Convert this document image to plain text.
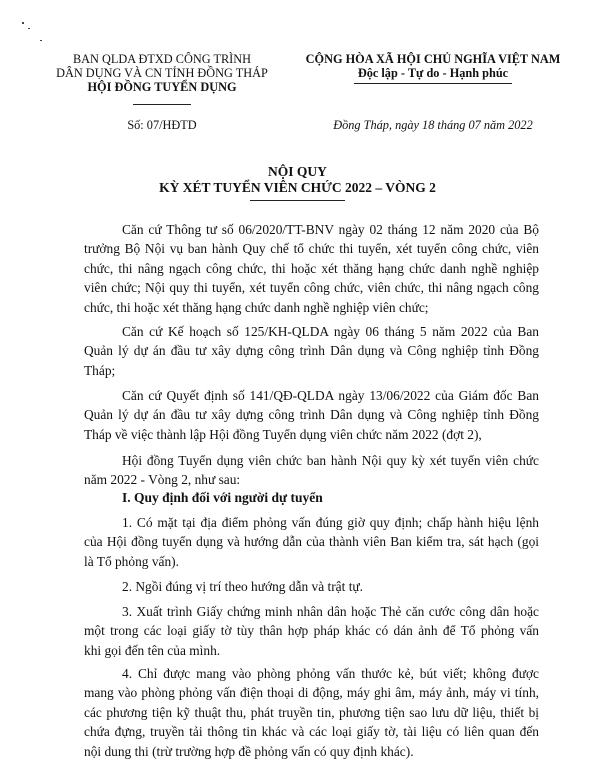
BAN QLDA ĐTXD CÔNG TRÌNH
DÂN DỤNG VÀ CN TỈNH ĐỒNG THÁP
HỘI ĐỒNG TUYỂN DỤNG
Số: 07/HĐTD
CỘNG HÒA XÃ HỘI CHỦ NGHĨA VIỆT NAM
Độc lập - Tự do - Hạnh phúc
Đồng Tháp, ngày 18 tháng 07 năm 2022
NỘI QUY
KỲ XÉT TUYỂN VIÊN CHỨC 2022 – VÒNG 2
Căn cứ Thông tư số 06/2020/TT-BNV ngày 02 tháng 12 năm 2020 của Bộ
trưởng Bộ Nội vụ ban hành Quy chế tổ chức thi tuyển, xét tuyển công chức, viên
chức, thi nâng ngạch công chức, thi hoặc xét thăng hạng chức danh nghề nghiệp
viên chức; Nội quy thi tuyển, xét tuyển công chức, viên chức, thi nâng ngạch công
chức, thi hoặc xét thăng hạng chức danh nghề nghiệp viên chức;
Căn cứ Kế hoạch số 125/KH-QLDA ngày 06 tháng 5 năm 2022 của Ban
Quản lý dự án đầu tư xây dựng công trình Dân dụng và Công nghiệp tỉnh Đồng
Tháp;
Căn cứ Quyết định số 141/QĐ-QLDA ngày 13/06/2022 của Giám đốc Ban
Quản lý dự án đầu tư xây dựng công trình Dân dụng và Công nghiệp tỉnh Đồng
Tháp về việc thành lập Hội đồng Tuyển dụng viên chức năm 2022 (đợt 2),
Hội đồng Tuyển dụng viên chức ban hành Nội quy kỳ xét tuyển viên chức
năm 2022 - Vòng 2, như sau:
I. Quy định đối với người dự tuyển
1. Có mặt tại địa điểm phỏng vấn đúng giờ quy định; chấp hành hiệu lệnh
của Hội đồng tuyển dụng và hướng dẫn của thành viên Ban kiểm tra, sát hạch (gọi
là Tổ phỏng vấn).
2. Ngồi đúng vị trí theo hướng dẫn và trật tự.
3. Xuất trình Giấy chứng minh nhân dân hoặc Thẻ căn cước công dân hoặc
một trong các loại giấy tờ tùy thân hợp pháp khác có dán ảnh để Tổ phỏng vấn
khi gọi đến tên của mình.
4. Chỉ được mang vào phòng phỏng vấn thước kẻ, bút viết; không được
mang vào phòng phỏng vấn điện thoại di động, máy ghi âm, máy ảnh, máy vi tính,
các phương tiện kỹ thuật thu, phát truyền tin, phương tiện sao lưu dữ liệu, thiết bị
chứa đựng, truyền tải thông tin khác và các loại giấy tờ, tài liệu có liên quan đến
nội dung thi (trừ trường hợp đề phỏng vấn có quy định khác).
